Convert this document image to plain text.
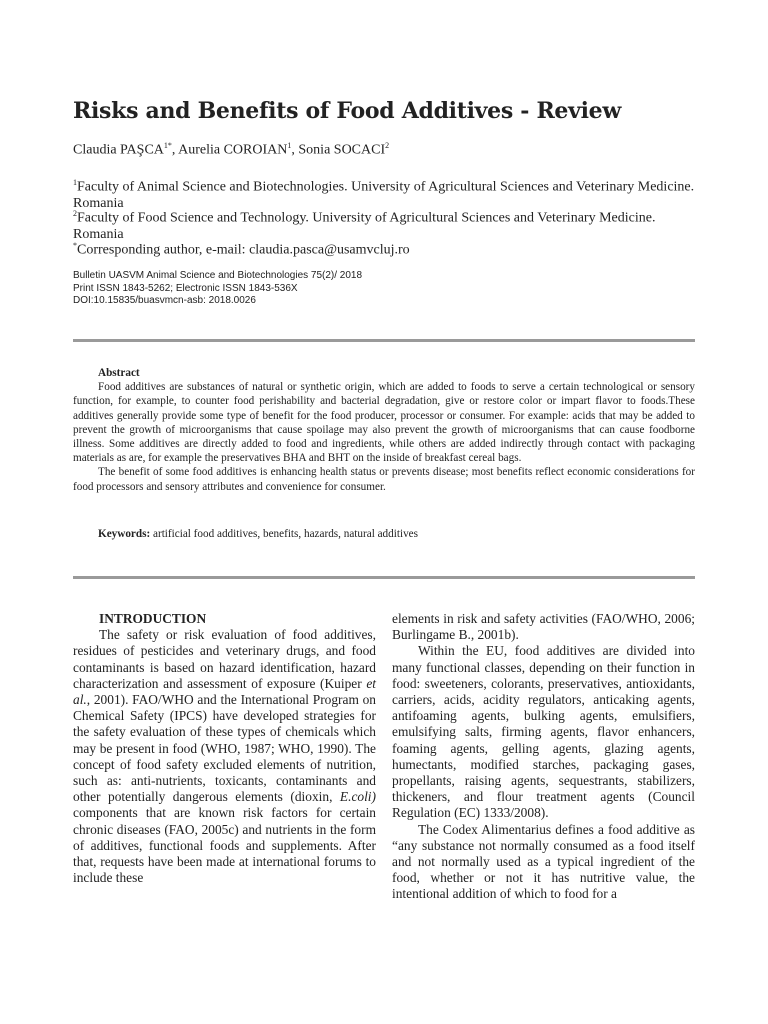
Risks and Benefits of Food Additives - Review
Claudia $PAŞCA^{1*}$, Aurelia COROIAN$^1$, Sonia SOCACI$^2$
$^1$Faculty of Animal Science and Biotechnologies. University of Agricultural Sciences and Veterinary Medicine. Romania
$^2$Faculty of Food Science and Technology. University of Agricultural Sciences and Veterinary Medicine. Romania
*Corresponding author, e-mail: claudia.pasca@usamvcluj.ro
Bulletin UASVM Animal Science and Biotechnologies 75(2)/ 2018
Print ISSN 1843-5262; Electronic ISSN 1843-536X
DOI:10.15835/buasvmcn-asb: 2018.0026
Abstract

Food additives are substances of natural or synthetic origin, which are added to foods to serve a certain technological or sensory function, for example, to counter food perishability and bacterial degradation, give or restore color or impart flavor to foods.These additives generally provide some type of benefit for the food producer, processor or consumer. For example: acids that may be added to prevent the growth of microorganisms that cause spoilage may also prevent the growth of microorganisms that can cause foodborne illness. Some additives are directly added to food and ingredients, while others are added indirectly through contact with packaging materials as are, for example the preservatives BHA and BHT on the inside of breakfast cereal bags.

The benefit of some food additives is enhancing health status or prevents disease; most benefits reflect economic considerations for food processors and sensory attributes and convenience for consumer.

Keywords: artificial food additives, benefits, hazards, natural additives
INTRODUCTION

The safety or risk evaluation of food additives, residues of pesticides and veterinary drugs, and food contaminants is based on hazard identification, hazard characterization and assessment of exposure (Kuiper et al., 2001). FAO/WHO and the International Program on Chemical Safety (IPCS) have developed strategies for the safety evaluation of these types of chemicals which may be present in food (WHO, 1987; WHO, 1990). The concept of food safety excluded elements of nutrition, such as: anti-nutrients, toxicants, contaminants and other potentially dangerous elements (dioxin, E.coli) components that are known risk factors for certain chronic diseases (FAO, 2005c) and nutrients in the form of additives, functional foods and supplements. After that, requests have been made at international forums to include these

elements in risk and safety activities (FAO/WHO, 2006; Burlingame B., 2001b).

Within the EU, food additives are divided into many functional classes, depending on their function in food: sweeteners, colorants, preservatives, antioxidants, carriers, acids, acidity regulators, anticaking agents, antifoaming agents, bulking agents, emulsifiers, emulsifying salts, firming agents, flavor enhancers, foaming agents, gelling agents, glazing agents, humectants, modified starches, packaging gases, propellants, raising agents, sequestrants, stabilizers, thickeners, and flour treatment agents (Council Regulation (EC) 1333/2008).

The Codex Alimentarius defines a food additive as “any substance not normally consumed as a food itself and not normally used as a typical ingredient of the food, whether or not it has nutritive value, the intentional addition of which to food for a
